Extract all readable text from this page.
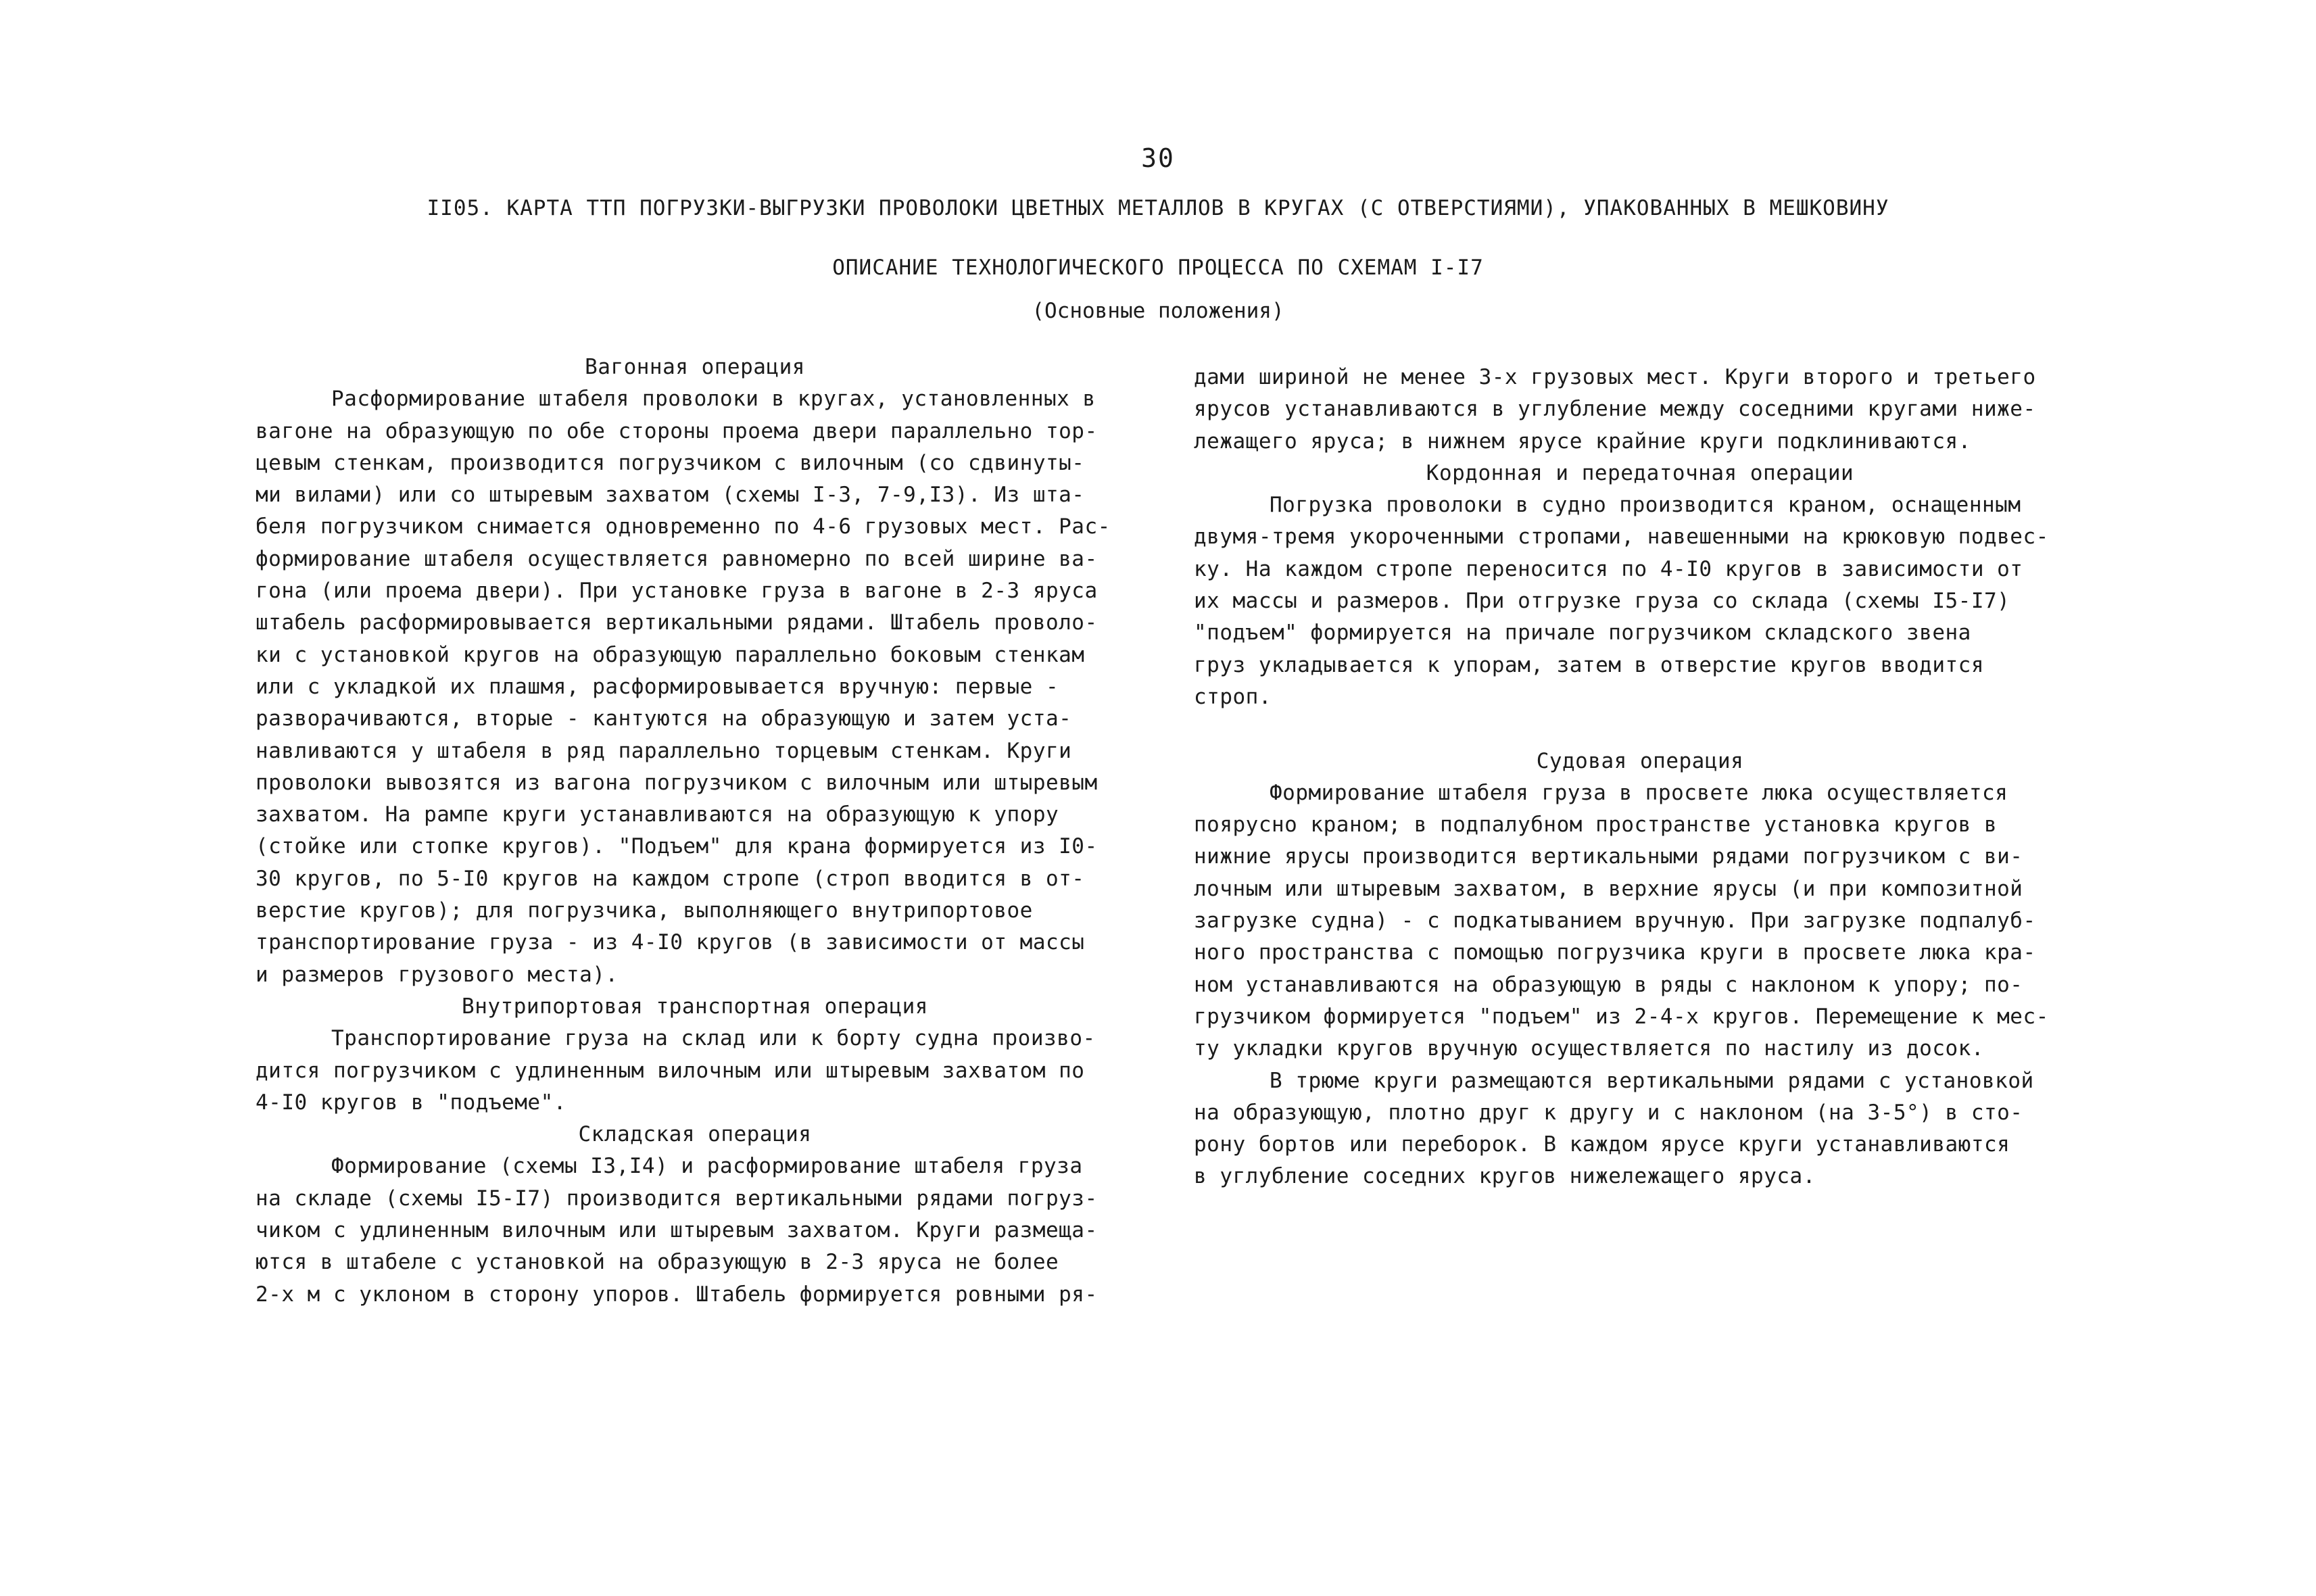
30
II05. КАРТА ТТП ПОГРУЗКИ-ВЫГРУЗКИ ПРОВОЛОКИ ЦВЕТНЫХ МЕТАЛЛОВ В КРУГАХ (С ОТВЕРСТИЯМИ), УПАКОВАННЫХ В МЕШКОВИНУ
ОПИСАНИЕ ТЕХНОЛОГИЧЕСКОГО ПРОЦЕССА ПО СХЕМАМ I-I7
(Основные положения)
Вагонная операция
Расформирование штабеля проволоки в кругах, установленных в
вагоне на образующую по обе стороны проема двери параллельно тор-
цевым стенкам, производится погрузчиком с вилочным (со сдвинуты-
ми вилами) или со штыревым захватом (схемы I-3, 7-9,I3). Из шта-
беля погрузчиком снимается одновременно по 4-6 грузовых мест. Рас-
формирование штабеля осуществляется равномерно по всей ширине ва-
гона (или проема двери). При установке груза в вагоне в 2-3 яруса
штабель расформировывается вертикальными рядами. Штабель проволо-
ки с установкой кругов на образующую параллельно боковым стенкам
или с укладкой их плашмя, расформировывается вручную: первые -
разворачиваются, вторые - кантуются на образующую и затем уста-
навливаются у штабеля в ряд параллельно торцевым стенкам. Круги
проволоки вывозятся из вагона погрузчиком с вилочным или штыревым
захватом. На рампе круги устанавливаются на образующую к упору
(стойке или стопке кругов). "Подъем" для крана формируется из I0-
30 кругов, по 5-I0 кругов на каждом стропе (строп вводится в от-
верстие кругов); для погрузчика, выполняющего внутрипортовое
транспортирование груза - из 4-I0 кругов (в зависимости от массы
и размеров грузового места).
Внутрипортовая транспортная операция
Транспортирование груза на склад или к борту судна произво-
дится погрузчиком с удлиненным вилочным или штыревым захватом по
4-I0 кругов в "подъеме".
Складская операция
Формирование (схемы I3,I4) и расформирование штабеля груза
на складе (схемы I5-I7) производится вертикальными рядами погруз-
чиком с удлиненным вилочным или штыревым захватом. Круги размеща-
ются в штабеле с установкой на образующую в 2-3 яруса не более
2-х м с уклоном в сторону упоров. Штабель формируется ровными ря-
дами шириной не менее 3-х грузовых мест. Круги второго и третьего
ярусов устанавливаются в углубление между соседними кругами ниже-
лежащего яруса; в нижнем ярусе крайние круги подклиниваются.
Кордонная и передаточная операции
Погрузка проволоки в судно производится краном, оснащенным
двумя-тремя укороченными стропами, навешенными на крюковую подвес-
ку. На каждом стропе переносится по 4-I0 кругов в зависимости от
их массы и размеров. При отгрузке груза со склада (схемы I5-I7)
"подъем" формируется на причале погрузчиком складского звена
груз укладывается к упорам, затем в отверстие кругов вводится
строп.

Судовая операция
Формирование штабеля груза в просвете люка осуществляется
поярусно краном; в подпалубном пространстве установка кругов в
нижние ярусы производится вертикальными рядами погрузчиком с ви-
лочным или штыревым захватом, в верхние ярусы (и при композитной
загрузке судна) - с подкатыванием вручную. При загрузке подпалуб-
ного пространства с помощью погрузчика круги в просвете люка кра-
ном устанавливаются на образующую в ряды с наклоном к упору; по-
грузчиком формируется "подъем" из 2-4-х кругов. Перемещение к мес-
ту укладки кругов вручную осуществляется по настилу из досок.
В трюме круги размещаются вертикальными рядами с установкой
на образующую, плотно друг к другу и с наклоном (на 3-5°) в сто-
рону бортов или переборок. В каждом ярусе круги устанавливаются
в углубление соседних кругов нижележащего яруса.
